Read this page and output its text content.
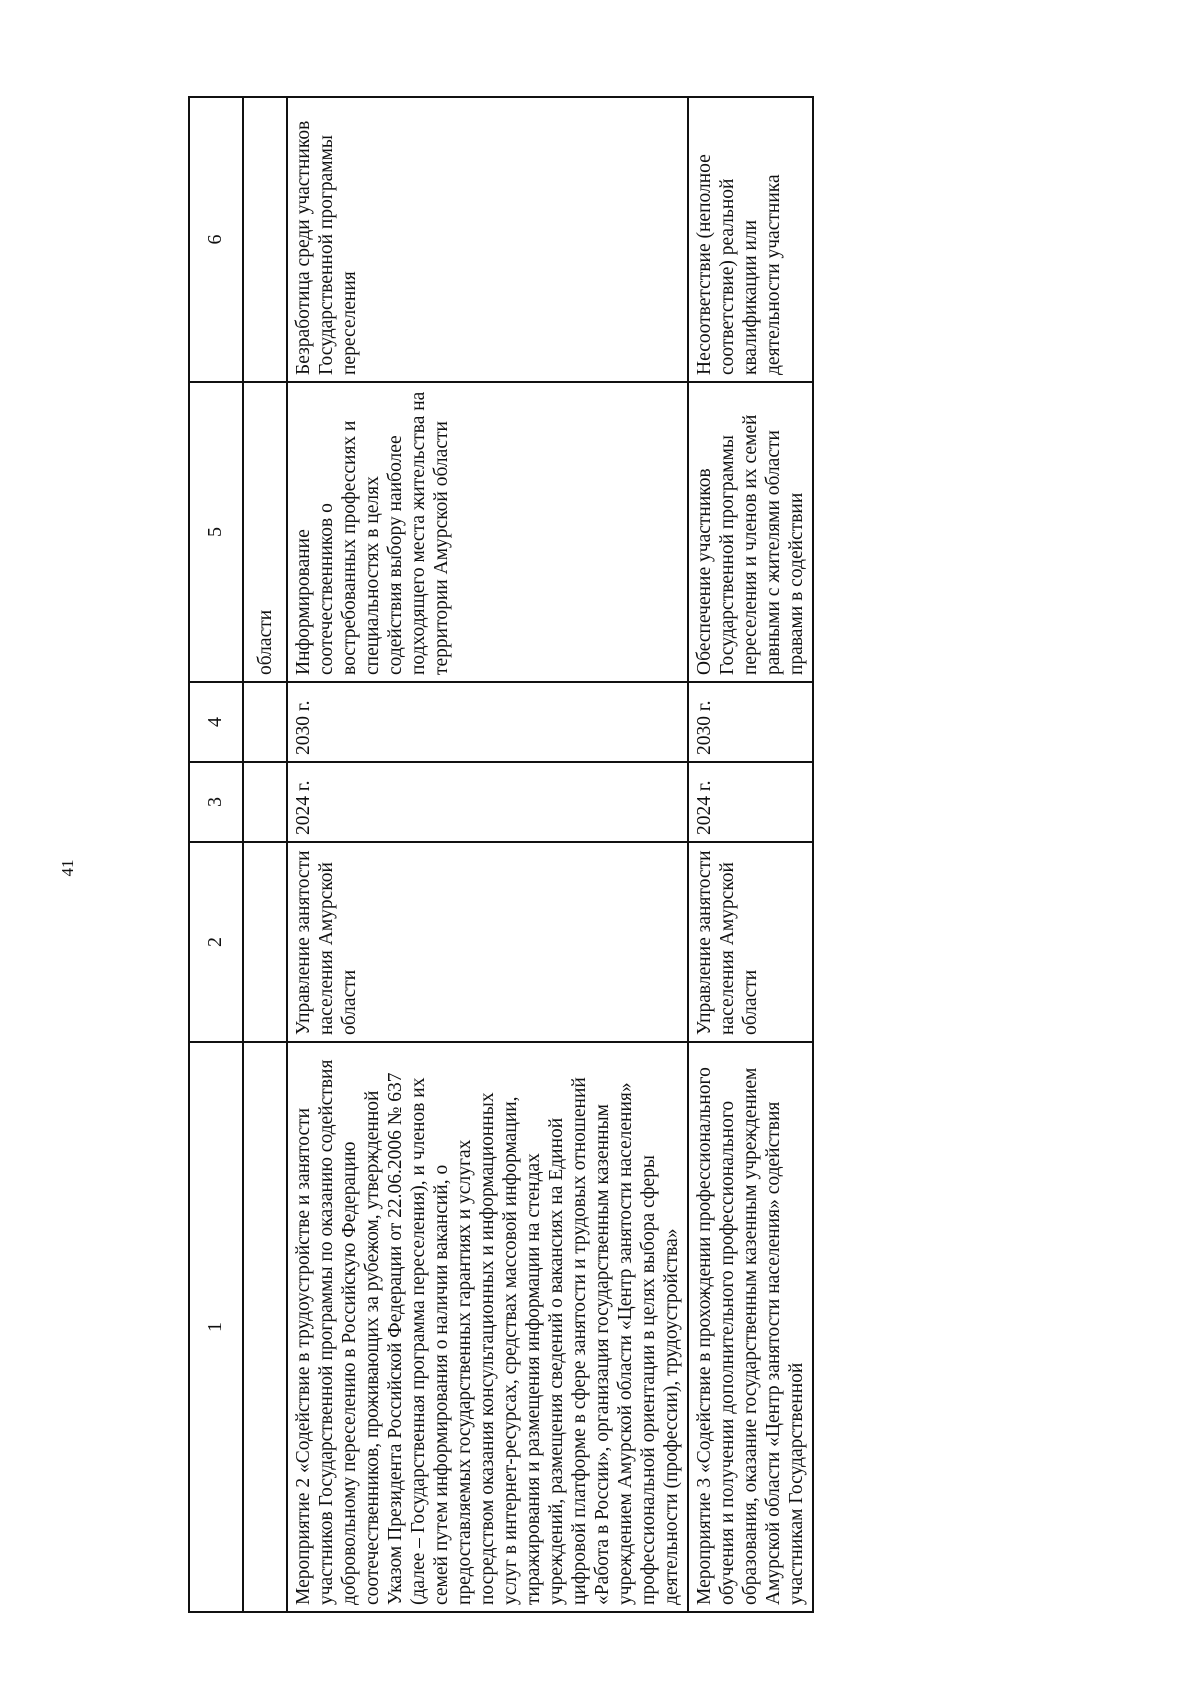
41
1	2	3	4	5	6
				области	
Мероприятие 2 «Содействие в трудоустройстве и занятости участников Государственной программы по оказанию содействия добровольному переселению в Российскую Федерацию соотечественников, проживающих за рубежом, утвержденной Указом Президента Российской Федерации от 22.06.2006 № 637 (далее – Государственная программа переселения), и членов их семей путем информирования о наличии вакансий, о предоставляемых государственных гарантиях и услугах посредством оказания консультационных и информационных услуг в интернет-ресурсах, средствах массовой информации, тиражирования и размещения информации на стендах учреждений, размещения сведений о вакансиях на Единой цифровой платформе в сфере занятости и трудовых отношений «Работа в России», организация государственным казенным учреждением Амурской области «Центр занятости населения» профессиональной ориентации в целях выбора сферы деятельности (профессии), трудоустройства»	Управление занятости населения Амурской области	2024 г.	2030 г.	Информирование соотечественников о востребованных профессиях и специальностях в целях содействия выбору наиболее подходящего места жительства на территории Амурской области	Безработица среди участников Государственной программы переселения
Мероприятие 3 «Содействие в прохождении профессионального обучения и получении дополнительного профессионального образования, оказание государственным казенным учреждением Амурской области «Центр занятости населения» содействия участникам Государственной	Управление занятости населения Амурской области	2024 г.	2030 г.	Обеспечение участников Государственной программы переселения и членов их семей равными с жителями области правами в содействии	Несоответствие (неполное соответствие) реальной квалификации или деятельности участника
